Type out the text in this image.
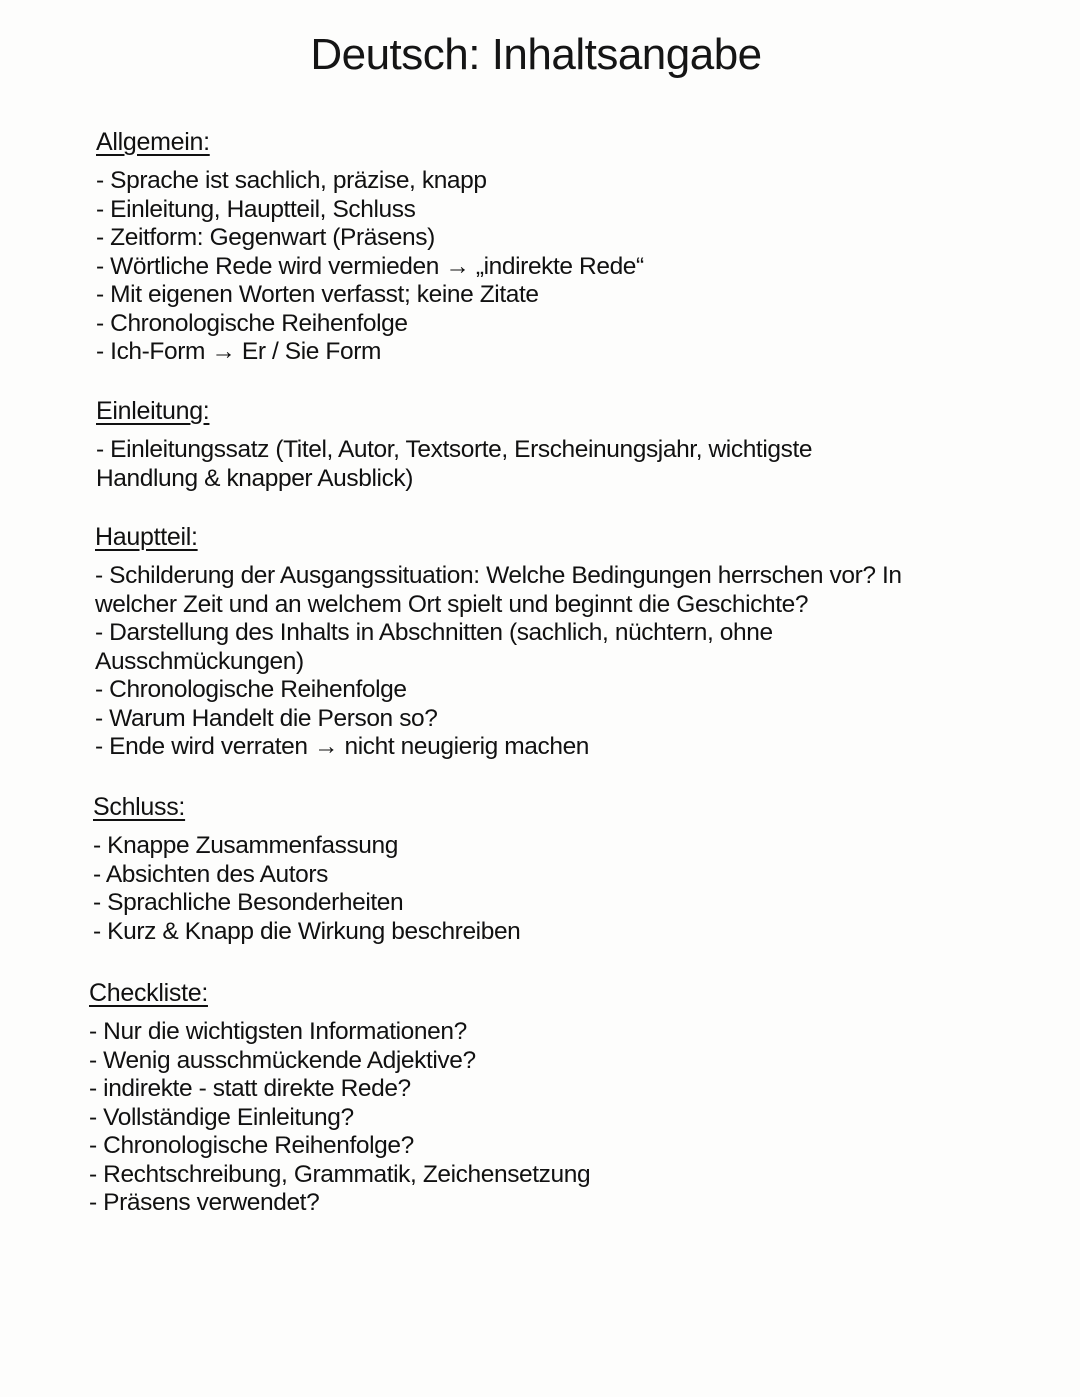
Deutsch: Inhaltsangabe
Allgemein:
- Sprache ist sachlich, präzise, knapp
- Einleitung, Hauptteil, Schluss
- Zeitform: Gegenwart (Präsens)
- Wörtliche Rede wird vermieden → „indirekte Rede“
- Mit eigenen Worten verfasst; keine Zitate
- Chronologische Reihenfolge
- Ich-Form → Er / Sie Form
Einleitung:
- Einleitungssatz (Titel, Autor, Textsorte, Erscheinungsjahr, wichtigste Handlung & knapper Ausblick)
Hauptteil:
- Schilderung der Ausgangssituation: Welche Bedingungen herrschen vor? In welcher Zeit und an welchem Ort spielt und beginnt die Geschichte?
- Darstellung des Inhalts in Abschnitten (sachlich, nüchtern, ohne Ausschmückungen)
- Chronologische Reihenfolge
- Warum Handelt die Person so?
- Ende wird verraten → nicht neugierig machen
Schluss:
- Knappe Zusammenfassung
- Absichten des Autors
- Sprachliche Besonderheiten
- Kurz & Knapp die Wirkung beschreiben
Checkliste:
- Nur die wichtigsten Informationen?
- Wenig ausschmückende Adjektive?
- indirekte - statt direkte Rede?
- Vollständige Einleitung?
- Chronologische Reihenfolge?
- Rechtschreibung, Grammatik, Zeichensetzung
- Präsens verwendet?
